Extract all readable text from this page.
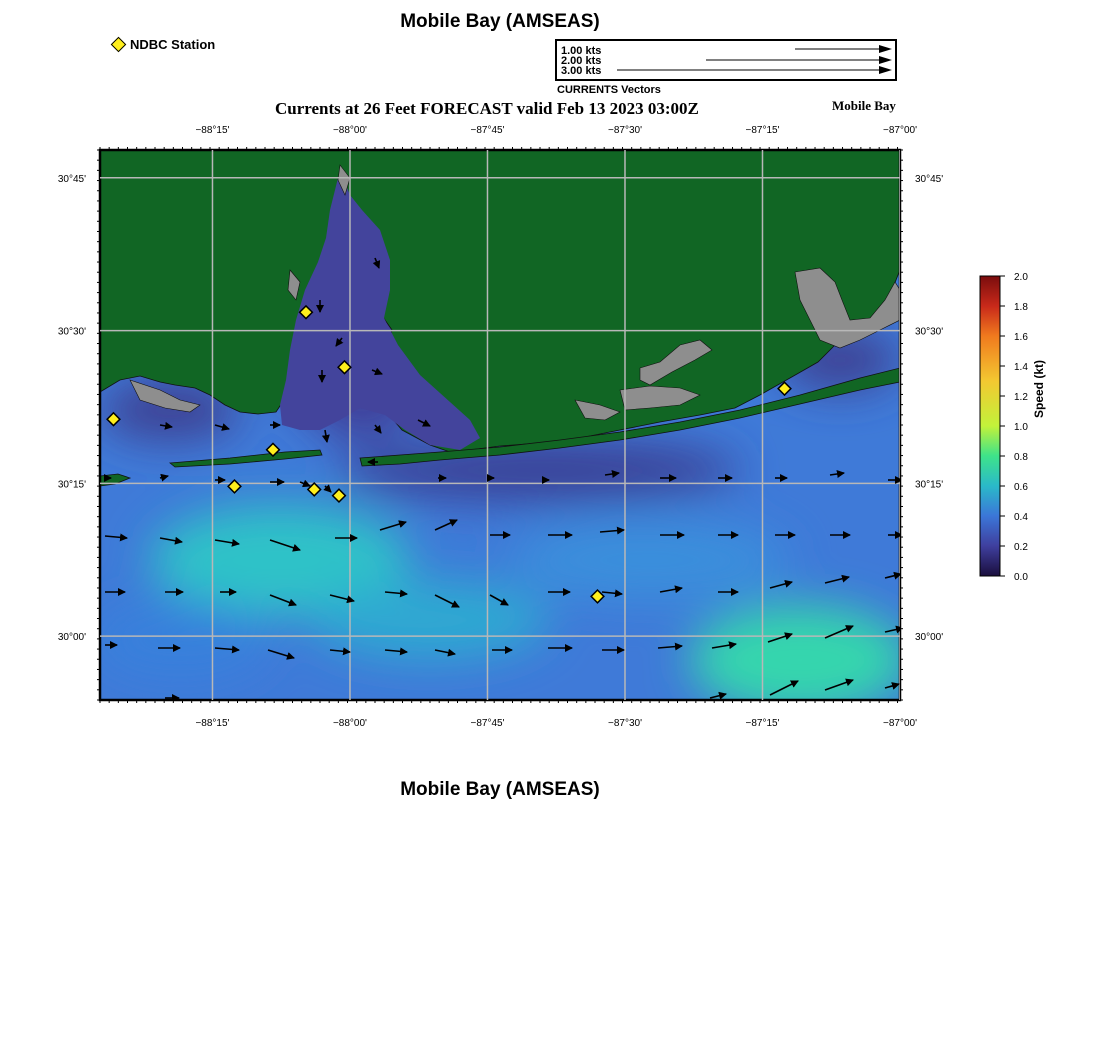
Mobile Bay (AMSEAS)
NDBC Station	1.00 kts
2.00 kts
3.00 kts
CURRENTS Vectors
Currents at 26 Feet FORECAST valid Feb 13 2023 03:00Z	Mobile Bay
−88°15'
−88°15'
−88°00'
−88°00'
−87°45'
−87°45'
−87°30'
−87°30'
−87°15'
−87°15'
−87°00'
−87°00'
30°45'	30°45'
30°30'	30°30'
30°15'	30°15'
30°00'	30°00'
2.0
1.8
1.6
1.4
1.2
1.0
0.8
0.6
0.4
0.2
0.0
Speed (kt)
Mobile Bay (AMSEAS)
